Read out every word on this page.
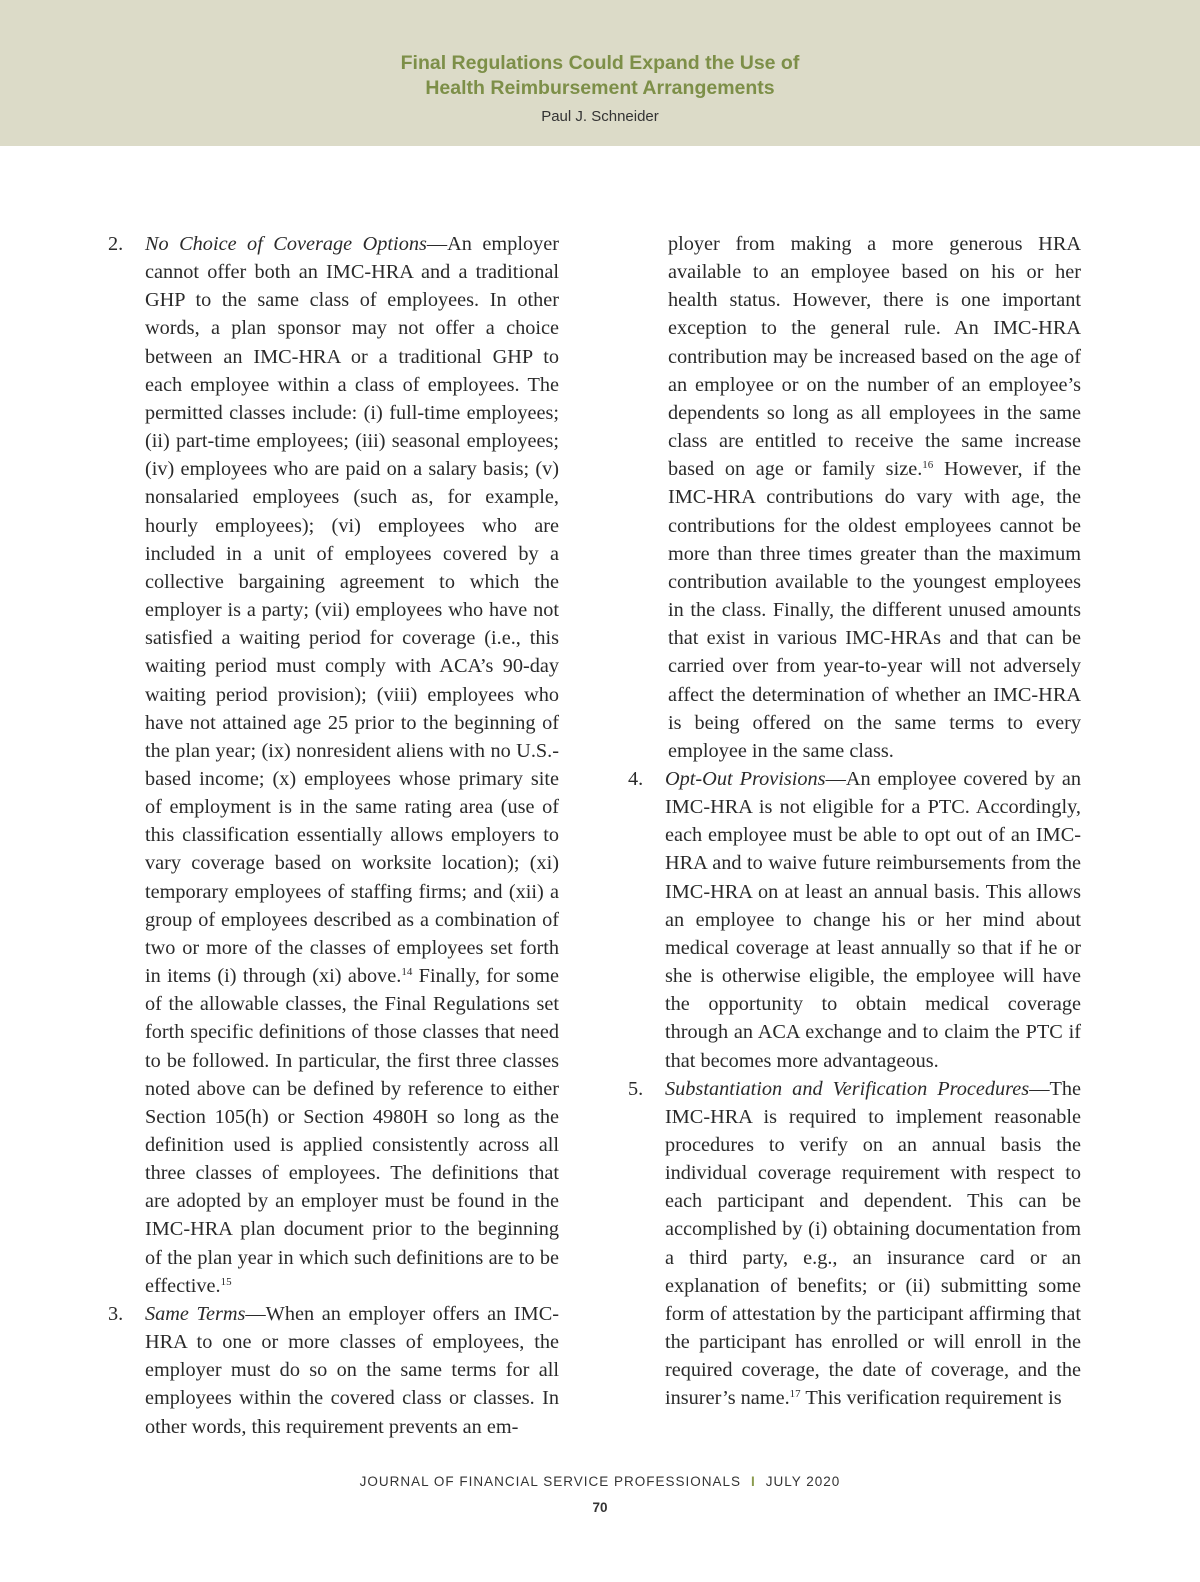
Final Regulations Could Expand the Use of
Health Reimbursement Arrangements
Paul J. Schneider

2. No Choice of Coverage Options—An employer cannot offer both an IMC-HRA and a traditional GHP to the same class of employees. In other words, a plan sponsor may not offer a choice between an IMC-HRA or a traditional GHP to each employee within a class of employees. The permitted classes include: (i) full-time employees; (ii) part-time employees; (iii) seasonal employees; (iv) employees who are paid on a salary basis; (v) nonsalaried employees (such as, for example, hourly employees); (vi) employees who are included in a unit of employees covered by a collective bargaining agreement to which the employer is a party; (vii) employees who have not satisfied a waiting period for coverage (i.e., this waiting period must comply with ACA’s 90-day waiting period provision); (viii) employees who have not attained age 25 prior to the beginning of the plan year; (ix) nonresident aliens with no U.S.-based income; (x) employees whose primary site of employment is in the same rating area (use of this classification essentially allows employers to vary coverage based on worksite location); (xi) temporary employees of staffing firms; and (xii) a group of employees described as a combination of two or more of the classes of employees set forth in items (i) through (xi) above.$^{14}$ Finally, for some of the allowable classes, the Final Regulations set forth specific definitions of those classes that need to be followed. In particular, the first three classes noted above can be defined by reference to either Section 105(h) or Section 4980H so long as the definition used is applied consistently across all three classes of employees. The definitions that are adopted by an employer must be found in the IMC-HRA plan document prior to the beginning of the plan year in which such definitions are to be effective.$^{15}$

3. Same Terms—When an employer offers an IMC-HRA to one or more classes of employees, the employer must do so on the same terms for all employees within the covered class or classes. In other words, this requirement prevents an em-

ployer from making a more generous HRA available to an employee based on his or her health status. However, there is one important exception to the general rule. An IMC-HRA contribution may be increased based on the age of an employee or on the number of an employee’s dependents so long as all employees in the same class are entitled to receive the same increase based on age or family size.$^{16}$ However, if the IMC-HRA contributions do vary with age, the contributions for the oldest employees cannot be more than three times greater than the maximum contribution available to the youngest employees in the class. Finally, the different unused amounts that exist in various IMC-HRAs and that can be carried over from year-to-year will not adversely affect the determination of whether an IMC-HRA is being offered on the same terms to every employee in the same class.

4. Opt-Out Provisions—An employee covered by an IMC-HRA is not eligible for a PTC. Accordingly, each employee must be able to opt out of an IMC-HRA and to waive future reimbursements from the IMC-HRA on at least an annual basis. This allows an employee to change his or her mind about medical coverage at least annually so that if he or she is otherwise eligible, the employee will have the opportunity to obtain medical coverage through an ACA exchange and to claim the PTC if that becomes more advantageous.

5. Substantiation and Verification Procedures—The IMC-HRA is required to implement reasonable procedures to verify on an annual basis the individual coverage requirement with respect to each participant and dependent. This can be accomplished by (i) obtaining documentation from a third party, e.g., an insurance card or an explanation of benefits; or (ii) submitting some form of attestation by the participant affirming that the participant has enrolled or will enroll in the required coverage, the date of coverage, and the insurer’s name.$^{17}$ This verification requirement is

JOURNAL OF FINANCIAL SERVICE PROFESSIONALS I JULY 2020
70
